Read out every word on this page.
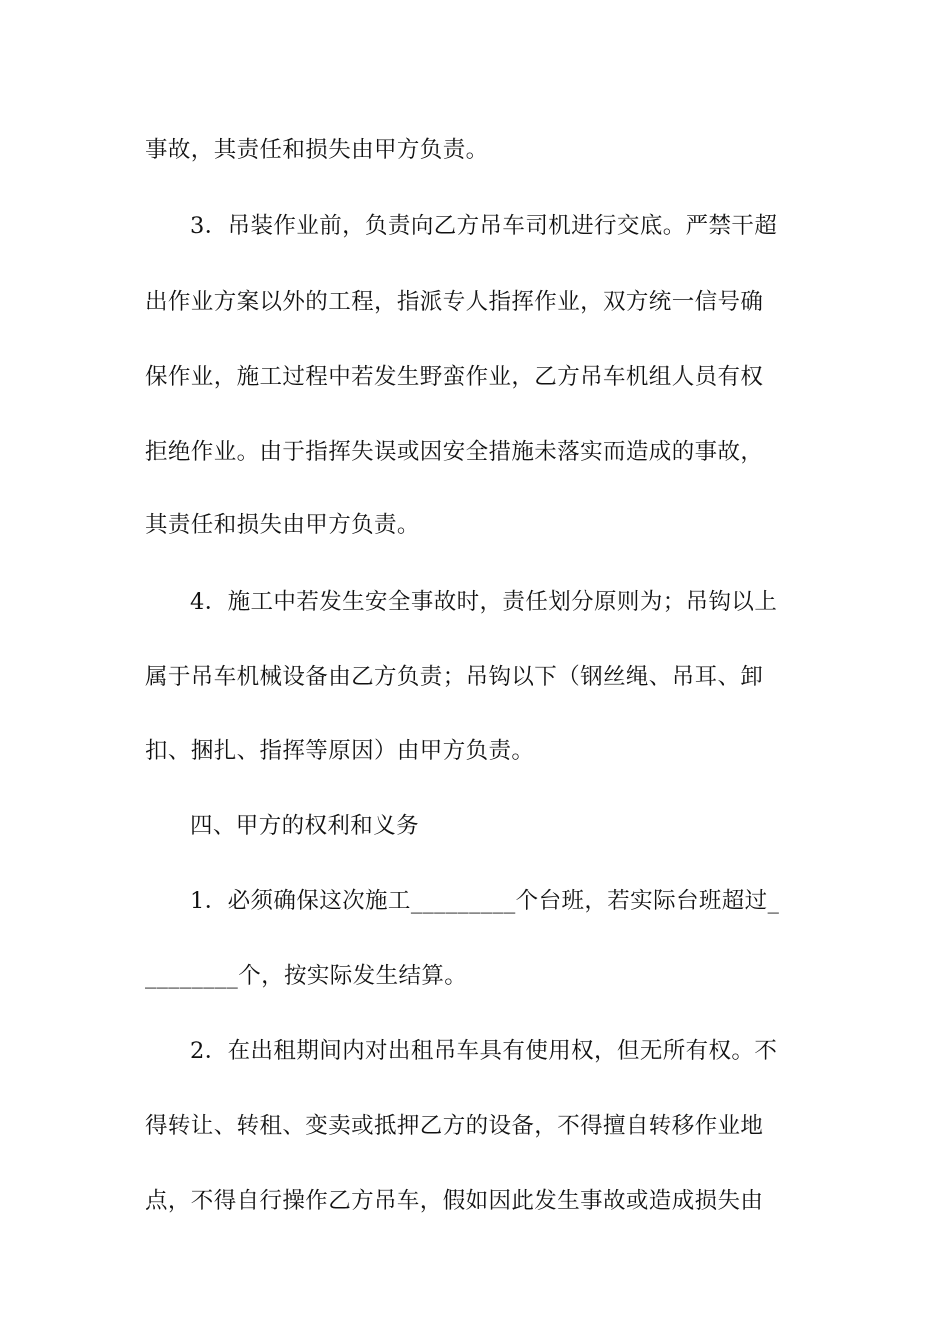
事故，其责任和损失由甲方负责。
3．吊装作业前，负责向乙方吊车司机进行交底。严禁干超
出作业方案以外的工程，指派专人指挥作业，双方统一信号确
保作业，施工过程中若发生野蛮作业，乙方吊车机组人员有权
拒绝作业。由于指挥失误或因安全措施未落实而造成的事故，
其责任和损失由甲方负责。
4．施工中若发生安全事故时，责任划分原则为；吊钩以上
属于吊车机械设备由乙方负责；吊钩以下（钢丝绳、吊耳、卸
扣、捆扎、指挥等原因）由甲方负责。
四、甲方的权利和义务
1．必须确保这次施工_________个台班，若实际台班超过_
________个，按实际发生结算。
2．在出租期间内对出租吊车具有使用权，但无所有权。不
得转让、转租、变卖或抵押乙方的设备，不得擅自转移作业地
点，不得自行操作乙方吊车，假如因此发生事故或造成损失由
